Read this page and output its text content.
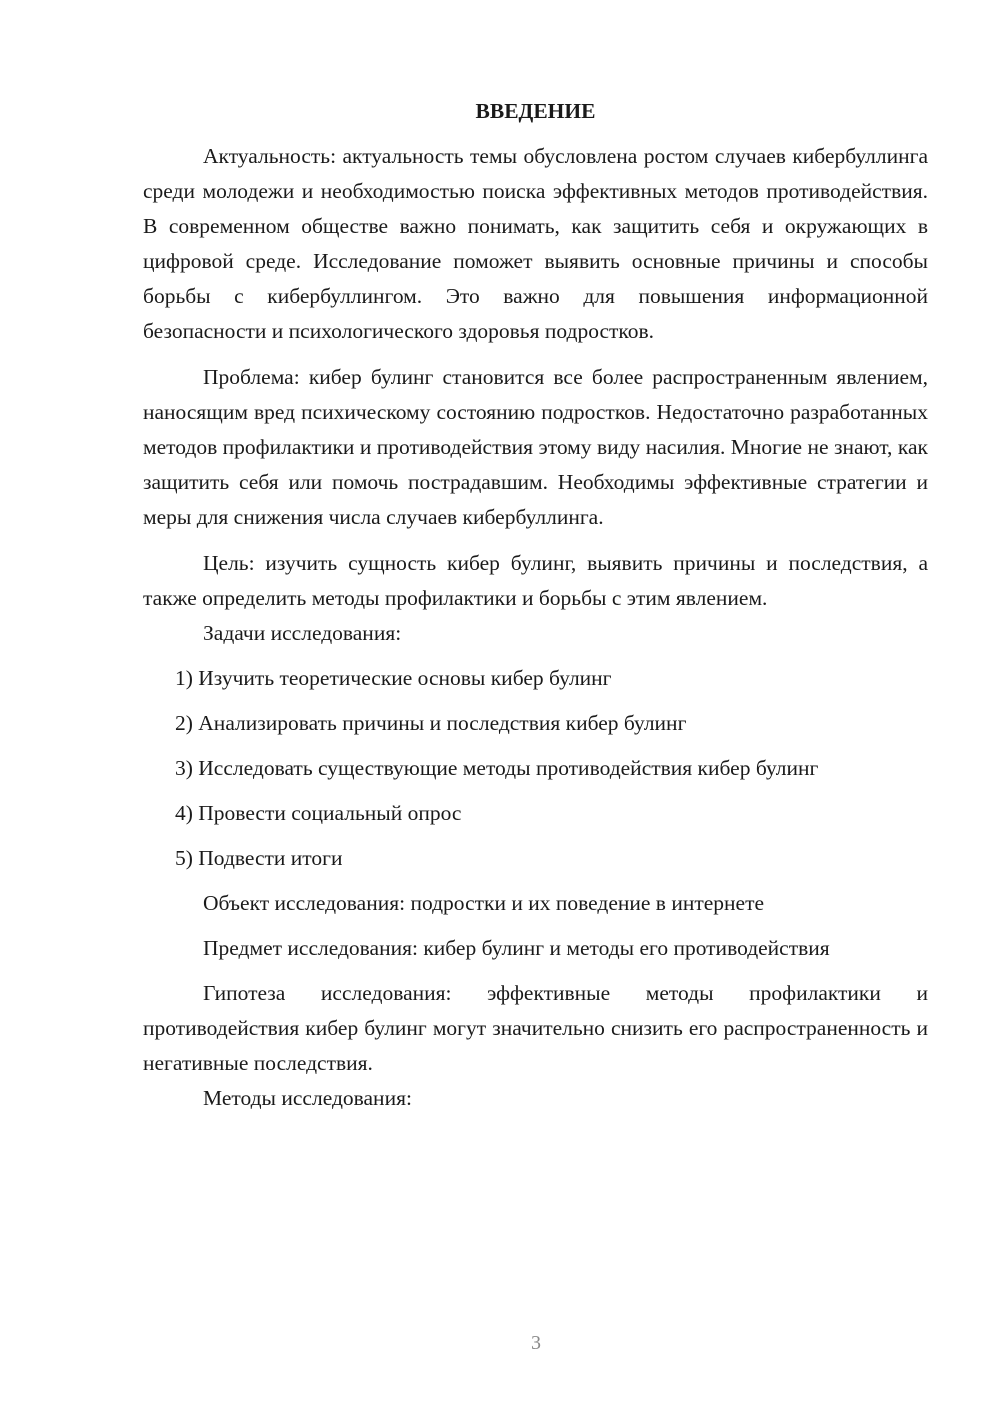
ВВЕДЕНИЕ

Актуальность: актуальность темы обусловлена ростом случаев кибербуллинга среди молодежи и необходимостью поиска эффективных методов противодействия. В современном обществе важно понимать, как защитить себя и окружающих в цифровой среде. Исследование поможет выявить основные причины и способы борьбы с кибербуллингом. Это важно для повышения информационной безопасности и психологического здоровья подростков.

Проблема: кибер булинг становится все более распространенным явлением, наносящим вред психическому состоянию подростков. Недостаточно разработанных методов профилактики и противодействия этому виду насилия. Многие не знают, как защитить себя или помочь пострадавшим. Необходимы эффективные стратегии и меры для снижения числа случаев кибербуллинга.

Цель: изучить сущность кибер булинг, выявить причины и последствия, а также определить методы профилактики и борьбы с этим явлением.

Задачи исследования:

1) Изучить теоретические основы кибер булинг
2) Анализировать причины и последствия кибер булинг
3) Исследовать существующие методы противодействия кибер булинг
4) Провести социальный опрос
5) Подвести итоги

Объект исследования: подростки и их поведение в интернете

Предмет исследования: кибер булинг и методы его противодействия

Гипотеза исследования: эффективные методы профилактики и противодействия кибер булинг могут значительно снизить его распространенность и негативные последствия.

Методы исследования:

3
